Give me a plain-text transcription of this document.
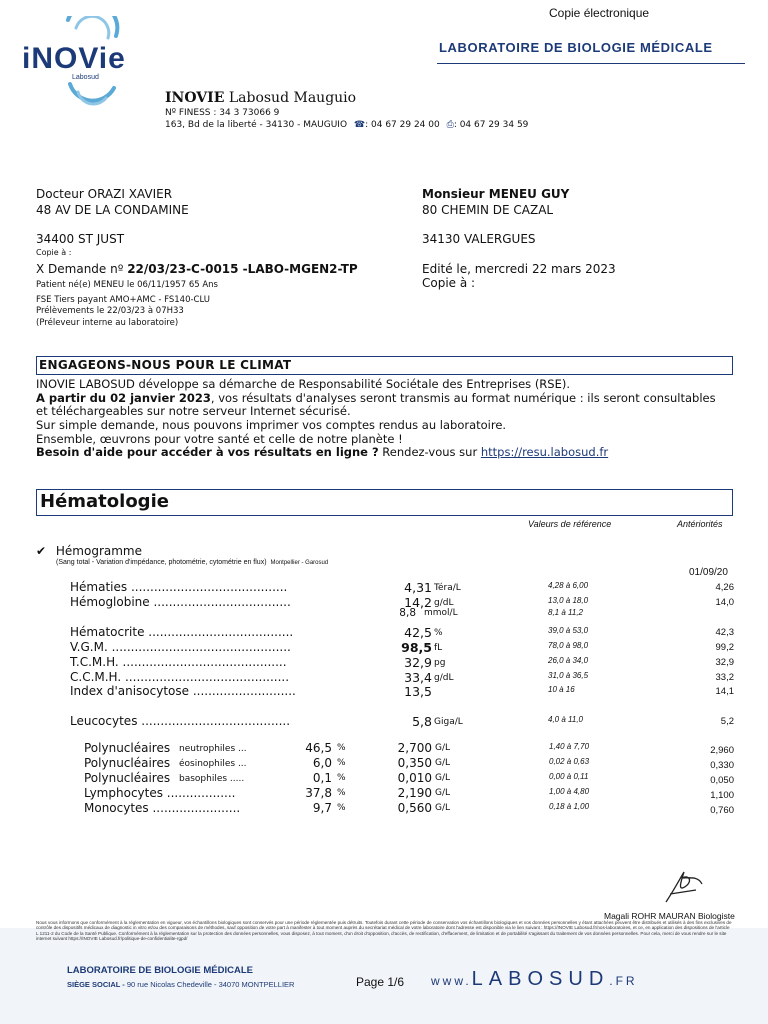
Copie électronique
LABORATOIRE DE BIOLOGIE MÉDICALE
iNOVie
Labosud
INOVIE Labosud Mauguio
Nº FINESS : 34 3 73066 9
163, Bd de la liberté - 34130 - MAUGUIO ☎: 04 67 29 24 00 ⎙: 04 67 29 34 59
Docteur ORAZI XAVIER
48 AV DE LA CONDAMINE
34400 ST JUST
Copie à :
Monsieur MENEU GUY
80 CHEMIN DE CAZAL
34130 VALERGUES
Edité le, mercredi 22 mars 2023
Copie à :
X Demande nº 22/03/23-C-0015 -LABO-MGEN2-TP
Patient né(e) MENEU le 06/11/1957 65 Ans
FSE Tiers payant AMO+AMC - FS140-CLU
Prélèvements le 22/03/23 à 07H33
(Préleveur interne au laboratoire)
ENGAGEONS-NOUS POUR LE CLIMAT
INOVIE LABOSUD développe sa démarche de Responsabilité Sociétale des Entreprises (RSE).
A partir du 02 janvier 2023, vos résultats d'analyses seront transmis au format numérique : ils seront consultables
et téléchargeables sur notre serveur Internet sécurisé.
Sur simple demande, nous pouvons imprimer vos comptes rendus au laboratoire.
Ensemble, œuvrons pour votre santé et celle de notre planète !
Besoin d'aide pour accéder à vos résultats en ligne ? Rendez-vous sur https://resu.labosud.fr
Hématologie
Valeurs de référence	Antériorités
✔ Hémogramme
(Sang total - Variation d'impédance, photométrie, cytométrie en flux) Montpellier - Garosud
01/09/20
Hématies .........................................	4,31 Téra/L	4,28 à 6,00	4,26
Hémoglobine ....................................	14,2 g/dL	13,0 à 18,0	14,0
8,8 mmol/L	8,1 à 11,2
Hématocrite ......................................	42,5 %	39,0 à 53,0	42,3
V.G.M. ...............................................	98,5 fL	78,0 à 98,0	99,2
T.C.M.H. ...........................................	32,9 pg	26,0 à 34,0	32,9
C.C.M.H. ...........................................	33,4 g/dL	31,0 à 36,5	33,2
Index d'anisocytose ...........................	13,5	10 à 16	14,1
Leucocytes .......................................	5,8 Giga/L	4,0 à 11,0	5,2
Polynucléaires neutrophiles ...	46,5 %	2,700 G/L	1,40 à 7,70	2,960
Polynucléaires éosinophiles ...	6,0 %	0,350 G/L	0,02 à 0,63	0,330
Polynucléaires basophiles .....	0,1 %	0,010 G/L	0,00 à 0,11	0,050
Lymphocytes ..................	37,8 %	2,190 G/L	1,00 à 4,80	1,100
Monocytes .......................	9,7 %	0,560 G/L	0,18 à 1,00	0,760
Magali ROHR MAURAN Biologiste
Nous vous informons que conformément à la réglementation en vigueur, vos échantillons biologiques sont conservés pour une période réglementée puis détruits. Toutefois durant cette période de conservation vos échantillons biologiques et vos données personnelles y étant attachées peuvent être distribués et utilisés à des fins exclusives de contrôle des dispositifs médicaux de diagnostic in vitro et/ou des comparaisons de méthodes, sauf opposition de votre part à manifester à tout moment auprès du secrétariat médical de votre laboratoire dont l'adresse est disponible via le lien suivant : https://INOVIE Labosud.fr/nos-laboratoires, et ce, en application des dispositions de l'article L 1211-2 du Code de la Santé Publique. Conformément à la réglementation sur la protection des données personnelles, vous disposez, à tout moment, d'un droit d'opposition, d'accès, de rectification, d'effacement, de limitation et de portabilité s'agissant du traitement de vos données personnelles. Pour cela, merci de vous rendre sur le site internet suivant https://INOVIE Labosud.fr/politique-de-confidentialite-rgpd/
LABORATOIRE DE BIOLOGIE MÉDICALE
SIÈGE SOCIAL - 90 rue Nicolas Chedeville - 34070 MONTPELLIER	Page 1/6 www.LABOSUD.FR
